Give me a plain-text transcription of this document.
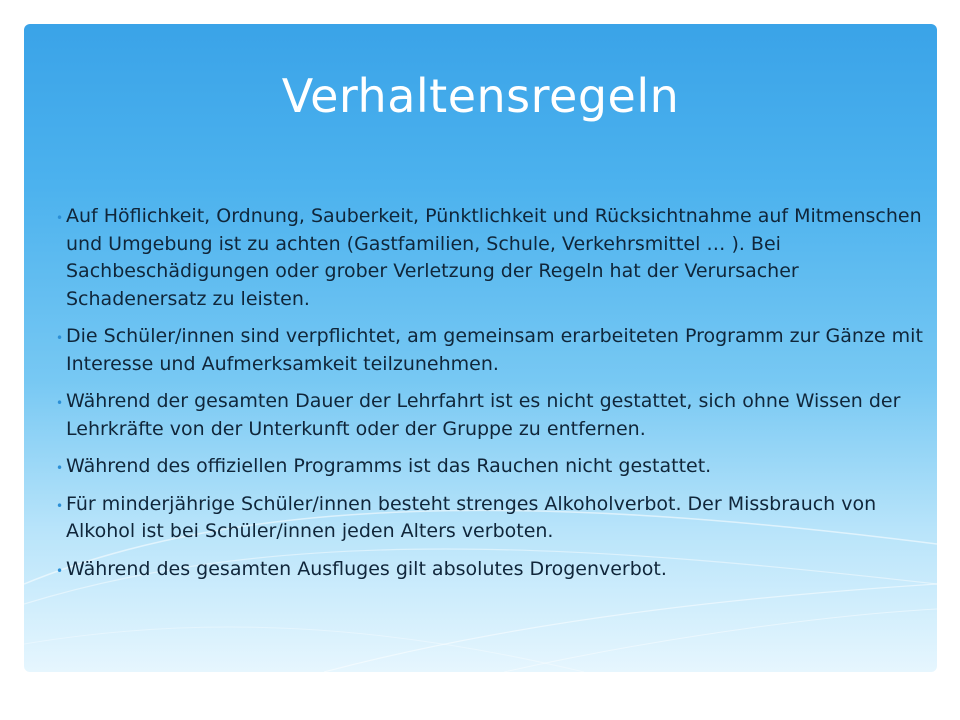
Verhaltensregeln
• Auf Höflichkeit, Ordnung, Sauberkeit, Pünktlichkeit und Rücksichtnahme auf Mitmenschen und Umgebung ist zu achten (Gastfamilien, Schule, Verkehrsmittel … ). Bei Sachbeschädigungen oder grober Verletzung der Regeln hat der Verursacher Schadenersatz zu leisten.
• Die Schüler/innen sind verpflichtet, am gemeinsam erarbeiteten Programm zur Gänze mit Interesse und Aufmerksamkeit teilzunehmen.
• Während der gesamten Dauer der Lehrfahrt ist es nicht gestattet, sich ohne Wissen der Lehrkräfte von der Unterkunft oder der Gruppe zu entfernen.
• Während des offiziellen Programms ist das Rauchen nicht gestattet.
• Für minderjährige Schüler/innen besteht strenges Alkoholverbot. Der Missbrauch von Alkohol ist bei Schüler/innen jeden Alters verboten.
• Während des gesamten Ausfluges gilt absolutes Drogenverbot.
